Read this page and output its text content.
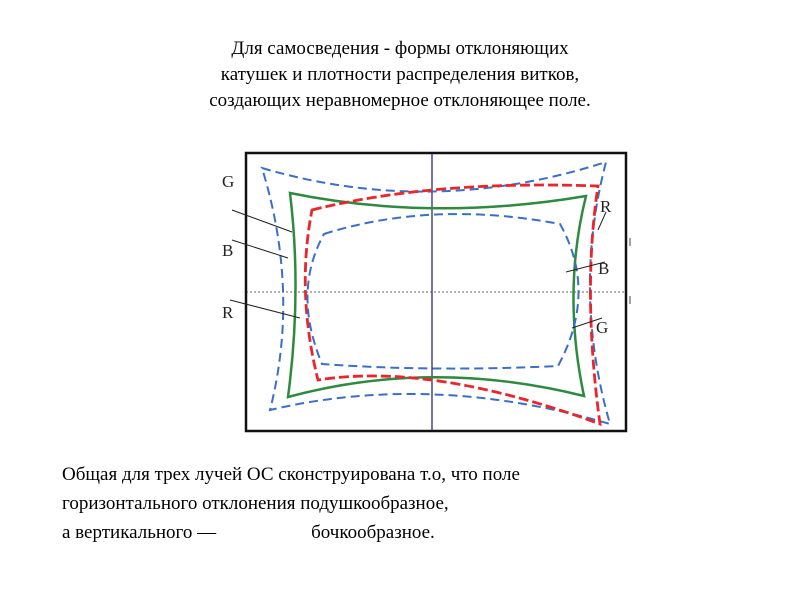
Для самосведения - формы отклоняющих
катушек и плотности распределения витков,
создающих неравномерное отклоняющее поле.
G
B
R
R
B
G
Общая для трех лучей ОС сконструирована т.о, что поле
горизонтального отклонения подушкообразное,
а вертикального —                    бочкообразное.
